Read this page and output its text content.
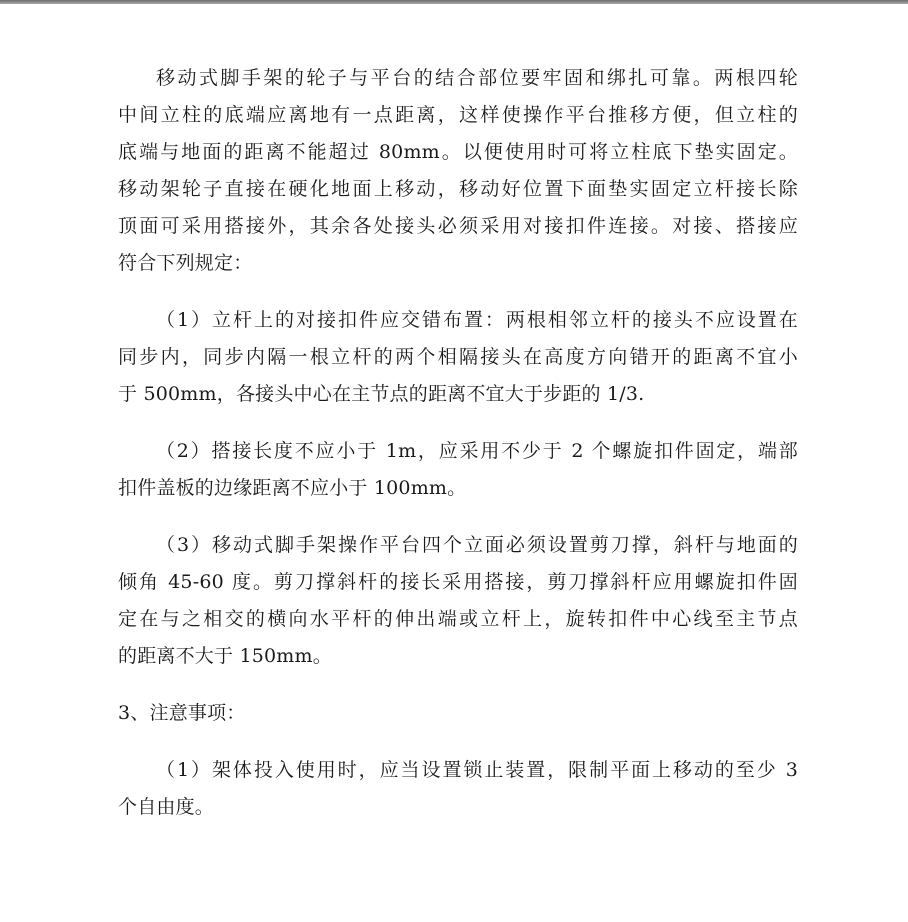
移动式脚手架的轮子与平台的结合部位要牢固和绑扎可靠。两根四轮
中间立柱的底端应离地有一点距离，这样使操作平台推移方便，但立柱的
底端与地面的距离不能超过 80mm。以便使用时可将立柱底下垫实固定。
移动架轮子直接在硬化地面上移动，移动好位置下面垫实固定立杆接长除
顶面可采用搭接外，其余各处接头必须采用对接扣件连接。对接、搭接应
符合下列规定：
（1）立杆上的对接扣件应交错布置：两根相邻立杆的接头不应设置在
同步内，同步内隔一根立杆的两个相隔接头在高度方向错开的距离不宜小
于 500mm，各接头中心在主节点的距离不宜大于步距的 1/3.
（2）搭接长度不应小于 1m，应采用不少于 2 个螺旋扣件固定，端部
扣件盖板的边缘距离不应小于 100mm。
（3）移动式脚手架操作平台四个立面必须设置剪刀撑，斜杆与地面的
倾角 45-60 度。剪刀撑斜杆的接长采用搭接，剪刀撑斜杆应用螺旋扣件固
定在与之相交的横向水平杆的伸出端或立杆上，旋转扣件中心线至主节点
的距离不大于 150mm。
3、注意事项：
（1）架体投入使用时，应当设置锁止装置，限制平面上移动的至少 3
个自由度。
